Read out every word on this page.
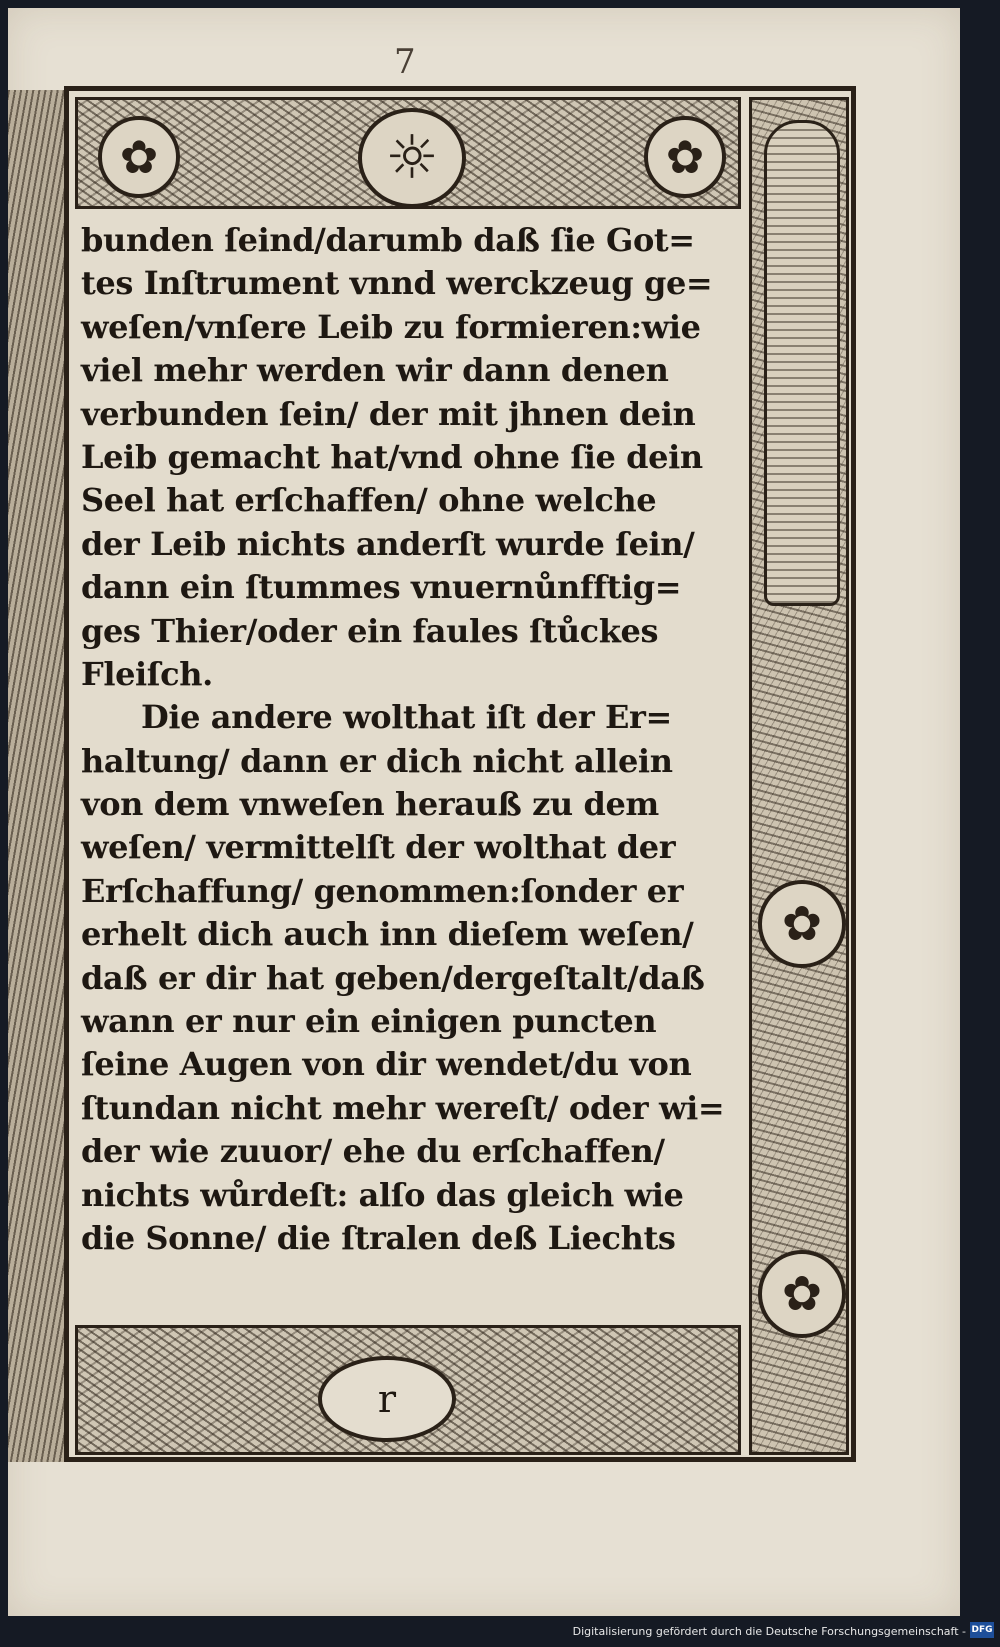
7
✿	☼	✿
bunden ſeind/darumb daß ſie Got=
tes Inſtrument vnnd werckzeug ge=
weſen/vnſere Leib zu formieren:wie
viel mehr werden wir dann denen
verbunden ſein/ der mit jhnen dein
Leib gemacht hat/vnd ohne ſie dein
Seel hat erſchaffen/ ohne welche
der Leib nichts anderſt wurde ſein/
dann ein ſtummes vnuernůnfftig=
ges Thier/oder ein faules ſtůckes
Fleiſch.
Die andere wolthat iſt der Er=
haltung/ dann er dich nicht allein
von dem vnweſen herauß zu dem
weſen/ vermittelſt der wolthat der
Erſchaffung/ genommen:ſonder er
erhelt dich auch inn dieſem weſen/
daß er dir hat geben/dergeſtalt/daß
wann er nur ein einigen puncten
ſeine Augen von dir wendet/du von
ſtundan nicht mehr wereſt/ oder wi=
der wie zuuor/ ehe du erſchaffen/
nichts wůrdeſt: alſo das gleich wie
die Sonne/ die ſtralen deß Liechts
r
✿
✿
Digitalisierung gefördert durch die Deutsche Forschungsgemeinschaft - DFG
